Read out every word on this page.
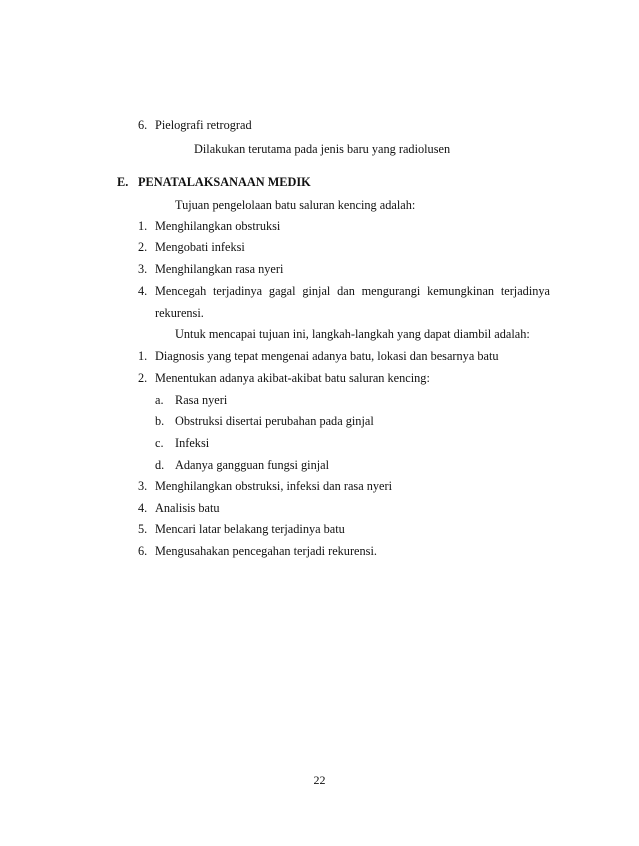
6. Pielografi retrograd
Dilakukan terutama pada jenis baru yang radiolusen
E. PENATALAKSANAAN MEDIK
Tujuan pengelolaan batu saluran kencing adalah:
1. Menghilangkan obstruksi
2. Mengobati infeksi
3. Menghilangkan rasa nyeri
4. Mencegah terjadinya gagal ginjal dan mengurangi kemungkinan terjadinya
rekurensi.
Untuk mencapai tujuan ini, langkah-langkah yang dapat diambil adalah:
1. Diagnosis yang tepat mengenai adanya batu, lokasi dan besarnya batu
2. Menentukan adanya akibat-akibat batu saluran kencing:
a. Rasa nyeri
b. Obstruksi disertai perubahan pada ginjal
c. Infeksi
d. Adanya gangguan fungsi ginjal
3. Menghilangkan obstruksi, infeksi dan rasa nyeri
4. Analisis batu
5. Mencari latar belakang terjadinya batu
6. Mengusahakan pencegahan terjadi rekurensi.
22
